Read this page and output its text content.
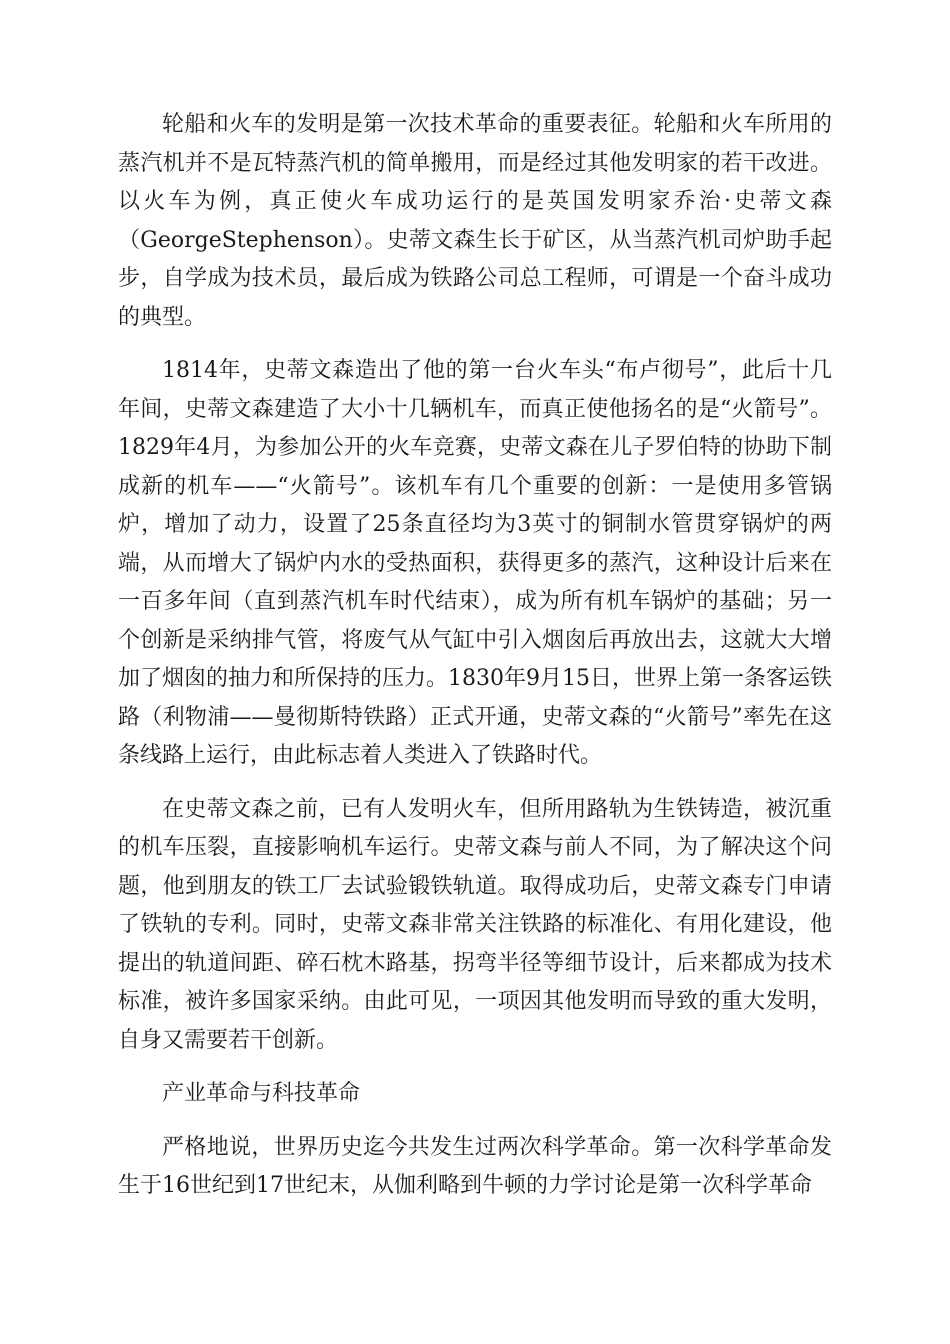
轮船和火车的发明是第一次技术革命的重要表征。轮船和火车所用的蒸汽机并不是瓦特蒸汽机的简单搬用，而是经过其他发明家的若干改进。以火车为例，真正使火车成功运行的是英国发明家乔治·史蒂文森（GeorgeStephenson）。史蒂文森生长于矿区，从当蒸汽机司炉助手起步，自学成为技术员，最后成为铁路公司总工程师，可谓是一个奋斗成功的典型。

1814年，史蒂文森造出了他的第一台火车头“布卢彻号”，此后十几年间，史蒂文森建造了大小十几辆机车，而真正使他扬名的是“火箭号”。1829年4月，为参加公开的火车竞赛，史蒂文森在儿子罗伯特的协助下制成新的机车——“火箭号”。该机车有几个重要的创新：一是使用多管锅炉，增加了动力，设置了25条直径均为3英寸的铜制水管贯穿锅炉的两端，从而增大了锅炉内水的受热面积，获得更多的蒸汽，这种设计后来在一百多年间（直到蒸汽机车时代结束），成为所有机车锅炉的基础；另一个创新是采纳排气管，将废气从气缸中引入烟囱后再放出去，这就大大增加了烟囱的抽力和所保持的压力。1830年9月15日，世界上第一条客运铁路（利物浦——曼彻斯特铁路）正式开通，史蒂文森的“火箭号”率先在这条线路上运行，由此标志着人类进入了铁路时代。

在史蒂文森之前，已有人发明火车，但所用路轨为生铁铸造，被沉重的机车压裂，直接影响机车运行。史蒂文森与前人不同，为了解决这个问题，他到朋友的铁工厂去试验锻铁轨道。取得成功后，史蒂文森专门申请了铁轨的专利。同时，史蒂文森非常关注铁路的标准化、有用化建设，他提出的轨道间距、碎石枕木路基，拐弯半径等细节设计，后来都成为技术标准，被许多国家采纳。由此可见，一项因其他发明而导致的重大发明，自身又需要若干创新。

产业革命与科技革命

严格地说，世界历史迄今共发生过两次科学革命。第一次科学革命发生于16世纪到17世纪末，从伽利略到牛顿的力学讨论是第一次科学革命
